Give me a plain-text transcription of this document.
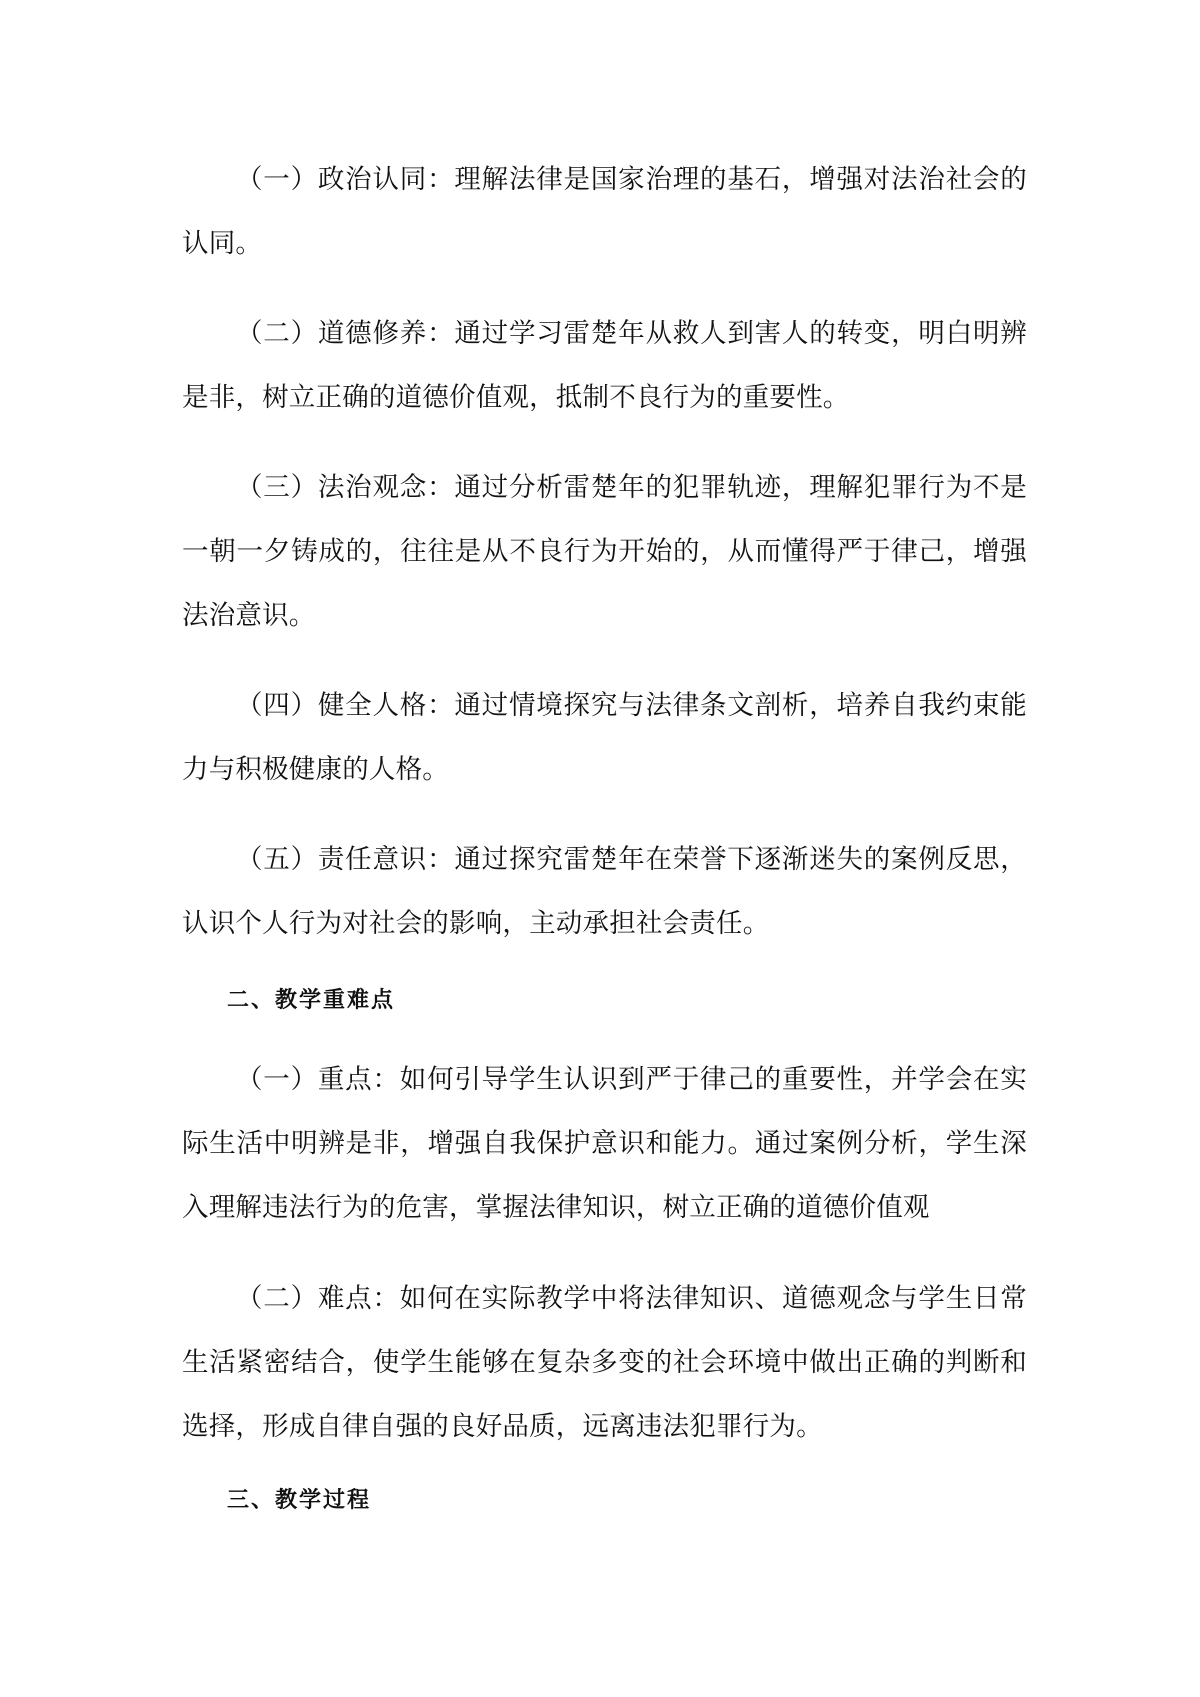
（一）政治认同：理解法律是国家治理的基石，增强对法治社会的认同。

（二）道德修养：通过学习雷楚年从救人到害人的转变，明白明辨是非，树立正确的道德价值观，抵制不良行为的重要性。

（三）法治观念：通过分析雷楚年的犯罪轨迹，理解犯罪行为不是一朝一夕铸成的，往往是从不良行为开始的，从而懂得严于律己，增强法治意识。

（四）健全人格：通过情境探究与法律条文剖析，培养自我约束能力与积极健康的人格。

（五）责任意识：通过探究雷楚年在荣誉下逐渐迷失的案例反思，认识个人行为对社会的影响，主动承担社会责任。

二、教学重难点

（一）重点：如何引导学生认识到严于律己的重要性，并学会在实际生活中明辨是非，增强自我保护意识和能力。通过案例分析，学生深入理解违法行为的危害，掌握法律知识，树立正确的道德价值观

（二）难点：如何在实际教学中将法律知识、道德观念与学生日常生活紧密结合，使学生能够在复杂多变的社会环境中做出正确的判断和选择，形成自律自强的良好品质，远离违法犯罪行为。

三、教学过程
